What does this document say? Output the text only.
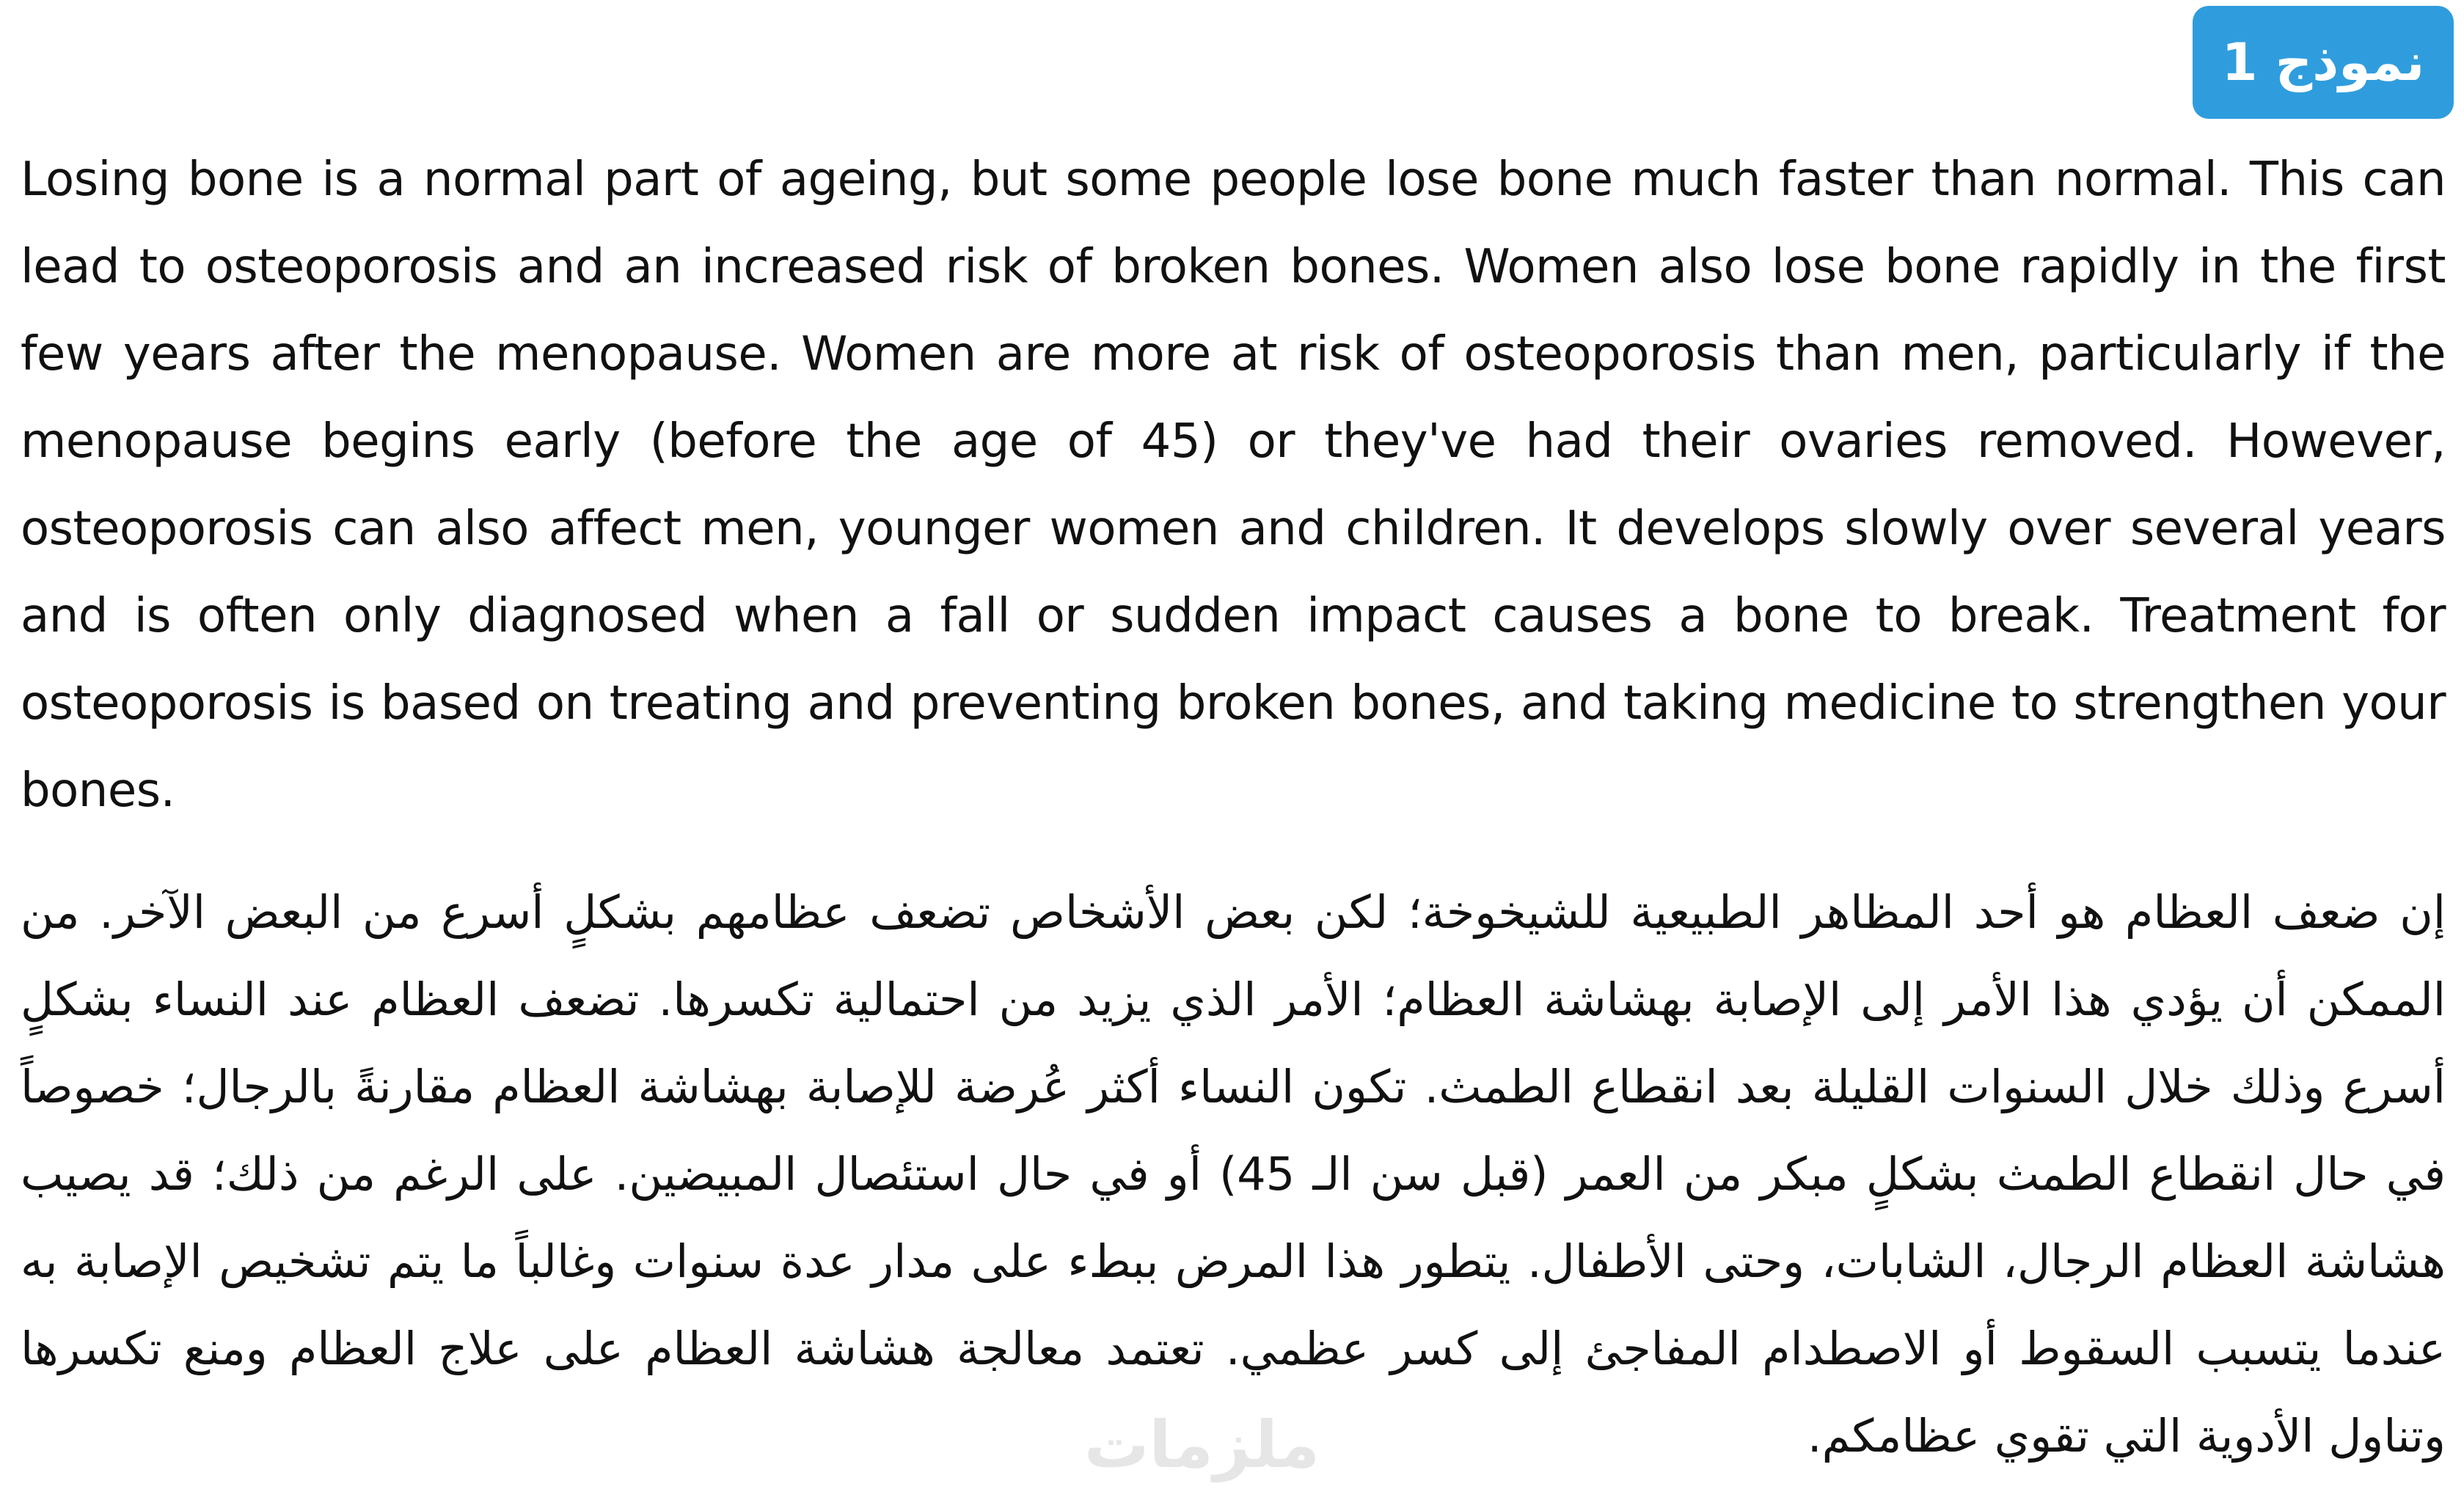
نموذج 1

Losing bone is a normal part of ageing, but some people lose bone much faster than normal. This can lead to osteoporosis and an increased risk of broken bones. Women also lose bone rapidly in the first few years after the menopause. Women are more at risk of osteoporosis than men, particularly if the menopause begins early (before the age of 45) or they've had their ovaries removed. However, osteoporosis can also affect men, younger women and children. It develops slowly over several years and is often only diagnosed when a fall or sudden impact causes a bone to break. Treatment for osteoporosis is based on treating and preventing broken bones, and taking medicine to strengthen your bones.

إن ضعف العظام هو أحد المظاهر الطبيعية للشيخوخة؛ لكن بعض الأشخاص تضعف عظامهم بشكلٍ أسرع من البعض الآخر. من الممكن أن يؤدي هذا الأمر إلى الإصابة بهشاشة العظام؛ الأمر الذي يزيد من احتمالية تكسرها. تضعف العظام عند النساء بشكلٍ أسرع وذلك خلال السنوات القليلة بعد انقطاع الطمث. تكون النساء أكثر عُرضة للإصابة بهشاشة العظام مقارنةً بالرجال؛ خصوصاً في حال انقطاع الطمث بشكلٍ مبكر من العمر (قبل سن الـ 45) أو في حال استئصال المبيضين. على الرغم من ذلك؛ قد يصيب هشاشة العظام الرجال، الشابات، وحتى الأطفال. يتطور هذا المرض ببطء على مدار عدة سنوات وغالباً ما يتم تشخيص الإصابة به عندما يتسبب السقوط أو الاصطدام المفاجئ إلى كسر عظمي. تعتمد معالجة هشاشة العظام على علاج العظام ومنع تكسرها وتناول الأدوية التي تقوي عظامكم.

ملزمات
